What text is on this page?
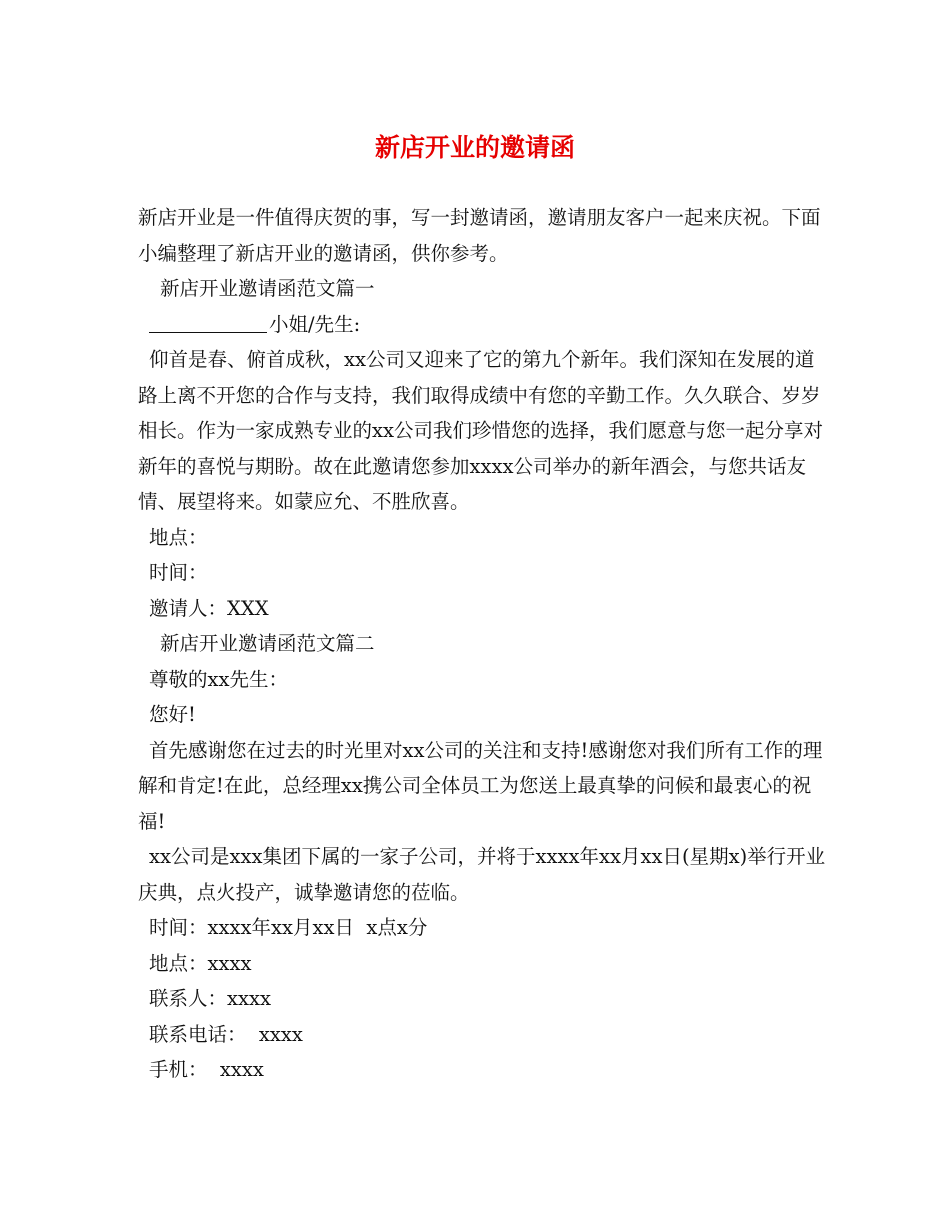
新店开业的邀请函

新店开业是一件值得庆贺的事，写一封邀请函，邀请朋友客户一起来庆祝。下面小编整理了新店开业的邀请函，供你参考。

新店开业邀请函范文篇一

小姐/先生:

仰首是春、俯首成秋，xx公司又迎来了它的第九个新年。我们深知在发展的道路上离不开您的合作与支持，我们取得成绩中有您的辛勤工作。久久联合、岁岁相长。作为一家成熟专业的xx公司我们珍惜您的选择，我们愿意与您一起分享对新年的喜悦与期盼。故在此邀请您参加xxxx公司举办的新年酒会，与您共话友情、展望将来。如蒙应允、不胜欣喜。

地点：

时间：

邀请人：XXX

新店开业邀请函范文篇二

尊敬的xx先生：

您好!

首先感谢您在过去的时光里对xx公司的关注和支持!感谢您对我们所有工作的理解和肯定!在此，总经理xx携公司全体员工为您送上最真挚的问候和最衷心的祝福!

xx公司是xxx集团下属的一家子公司，并将于xxxx年xx月xx日(星期x)举行开业庆典，点火投产，诚挚邀请您的莅临。

时间：xxxx年xx月xx日  x点x分

地点：xxxx

联系人：xxxx

联系电话：  xxxx

手机：  xxxx
